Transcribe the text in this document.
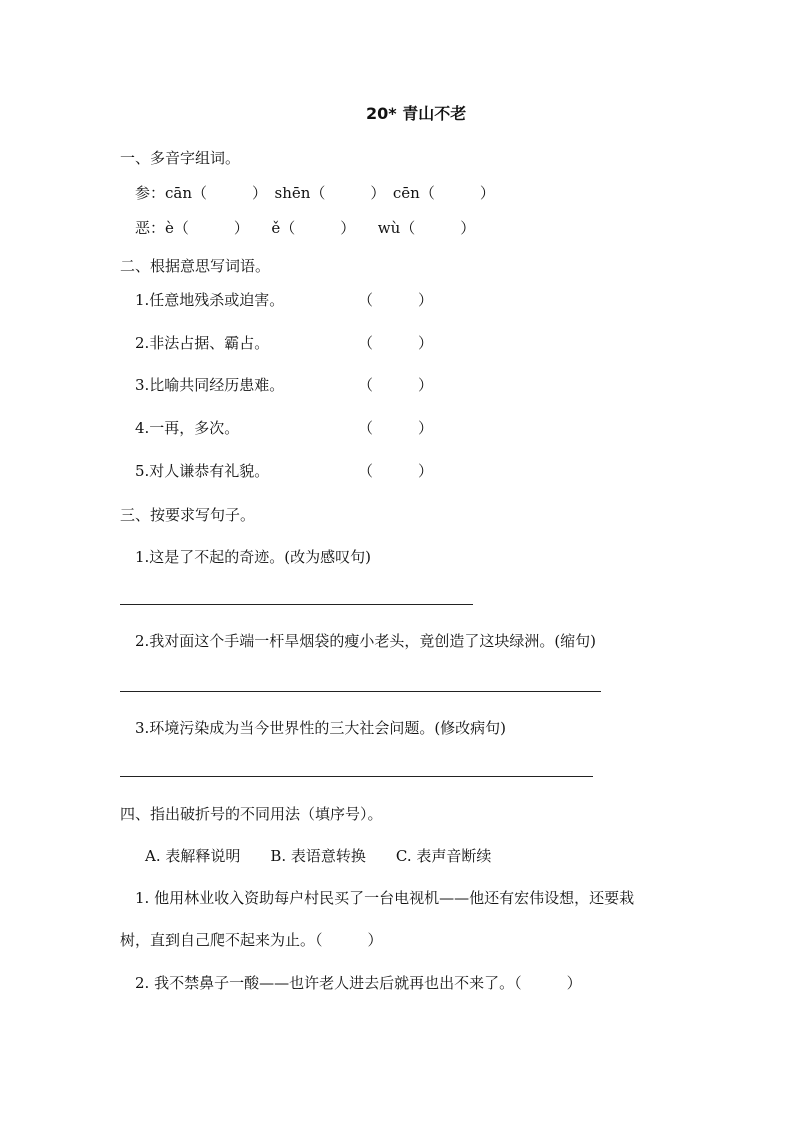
20* 青山不老
一、多音字组词。
参：cān（　　　）　shēn（　　　）　cēn（　　　）
恶：è（　　　）　　ě（　　　）　　wù（　　　）
二、根据意思写词语。
1.任意地残杀或迫害。	（　　　）
2.非法占据、霸占。	（　　　）
3.比喻共同经历患难。	（　　　）
4.一再，多次。	（　　　）
5.对人谦恭有礼貌。	（　　　）
三、按要求写句子。
1.这是了不起的奇迹。(改为感叹句)
2.我对面这个手端一杆旱烟袋的瘦小老头，竟创造了这块绿洲。(缩句)
3.环境污染成为当今世界性的三大社会问题。(修改病句)
四、指出破折号的不同用法（填序号）。
A. 表解释说明　　B. 表语意转换　　C. 表声音断续
1. 他用林业收入资助每户村民买了一台电视机——他还有宏伟设想，还要栽
树，直到自己爬不起来为止。（　　　）
2. 我不禁鼻子一酸——也许老人进去后就再也出不来了。（　　　）
